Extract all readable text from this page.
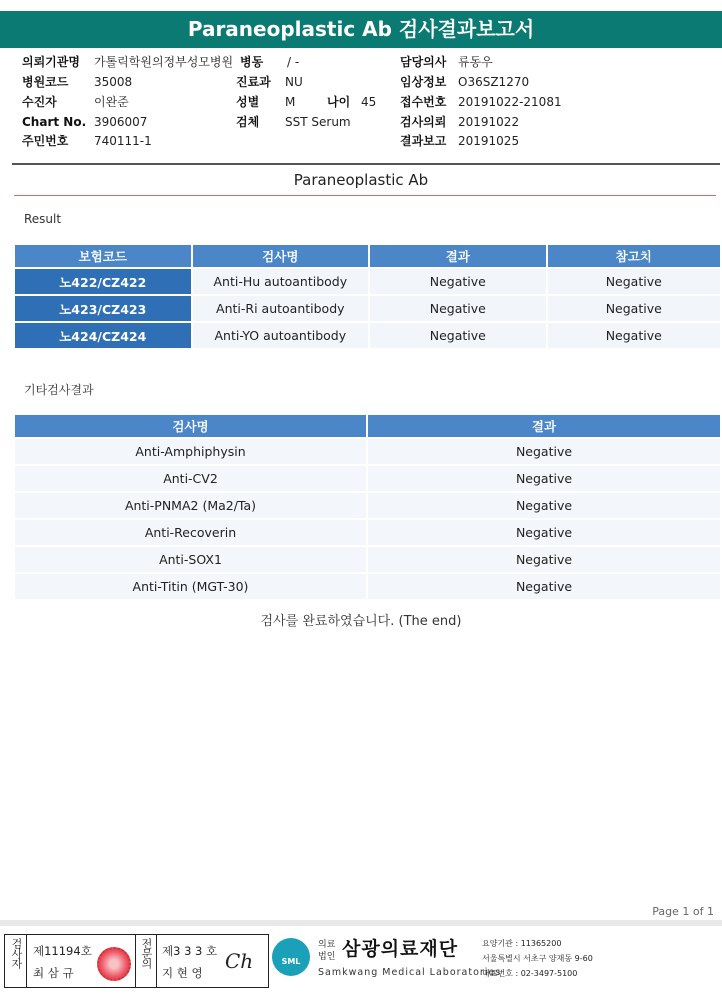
Paraneoplastic Ab 검사결과보고서
의뢰기관명 가톨릭학원의정부성모병원 병동 / -	담당의사 류동우
병원코드 35008	진료과 NU	임상정보 O36SZ1270
수진자	이완준	성별 M	나이 45 접수번호 20191022-21081
Chart No. 3906007	검체 SST Serum	검사의뢰 20191022
주민번호 740111-1	결과보고 20191025
Paraneoplastic Ab
Result
보험코드	검사명	결과	참고치
노422/CZ422	Anti-Hu autoantibody	Negative	Negative
노423/CZ423	Anti-Ri autoantibody	Negative	Negative
노424/CZ424	Anti-YO autoantibody	Negative	Negative
기타검사결과
검사명	결과
Anti-Amphiphysin	Negative
Anti-CV2	Negative
Anti-PNMA2 (Ma2/Ta)	Negative
Anti-Recoverin	Negative
Anti-SOX1	Negative
Anti-Titin (MGT-30)	Negative
검사를 완료하였습니다. (The end)
Page 1 of 1
검사자 제11194호
최 삼 규
전문의 제3 3 3 호
지 현 영 Ch	SML
의료
법인 삼광의료재단
Samkwang Medical Laboratories
요양기관 : 11365200
서울특별시 서초구 양재동 9-60
대표번호 : 02-3497-5100
